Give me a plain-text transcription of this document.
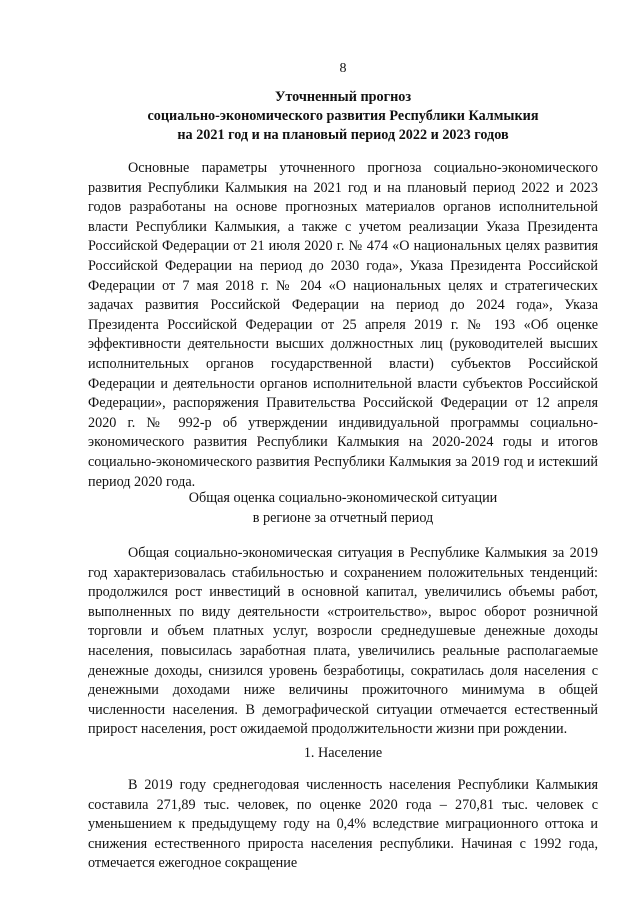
8
Уточненный прогноз
социально-экономического развития Республики Калмыкия
на 2021 год и на плановый период 2022 и 2023 годов
Основные параметры уточненного прогноза социально-экономического развития Республики Калмыкия на 2021 год и на плановый период 2022 и 2023 годов разработаны на основе прогнозных материалов органов исполнительной власти Республики Калмыкия, а также с учетом реализации Указа Президента Российской Федерации от 21 июля 2020 г. № 474 «О национальных целях развития Российской Федерации на период до 2030 года», Указа Президента Российской Федерации от 7 мая 2018 г. № 204 «О национальных целях и стратегических задачах развития Российской Федерации на период до 2024 года», Указа Президента Российской Федерации от 25 апреля 2019 г. № 193 «Об оценке эффективности деятельности высших должностных лиц (руководителей высших исполнительных органов государственной власти) субъектов Российской Федерации и деятельности органов исполнительной власти субъектов Российской Федерации», распоряжения Правительства Российской Федерации от 12 апреля 2020 г. № 992-р об утверждении индивидуальной программы социально-экономического развития Республики Калмыкия на 2020-2024 годы и итогов социально-экономического развития Республики Калмыкия за 2019 год и истекший период 2020 года.
Общая оценка социально-экономической ситуации
в регионе за отчетный период
Общая социально-экономическая ситуация в Республике Калмыкия за 2019 год характеризовалась стабильностью и сохранением положительных тенденций: продолжился рост инвестиций в основной капитал, увеличились объемы работ, выполненных по виду деятельности «строительство», вырос оборот розничной торговли и объем платных услуг, возросли среднедушевые денежные доходы населения, повысилась заработная плата, увеличились реальные располагаемые денежные доходы, снизился уровень безработицы, сократилась доля населения с денежными доходами ниже величины прожиточного минимума в общей численности населения. В демографической ситуации отмечается естественный прирост населения, рост ожидаемой продолжительности жизни при рождении.
1. Население
В 2019 году среднегодовая численность населения Республики Калмыкия составила 271,89 тыс. человек, по оценке 2020 года – 270,81 тыс. человек с уменьшением к предыдущему году на 0,4% вследствие миграционного оттока и снижения естественного прироста населения республики. Начиная с 1992 года, отмечается ежегодное сокращение
